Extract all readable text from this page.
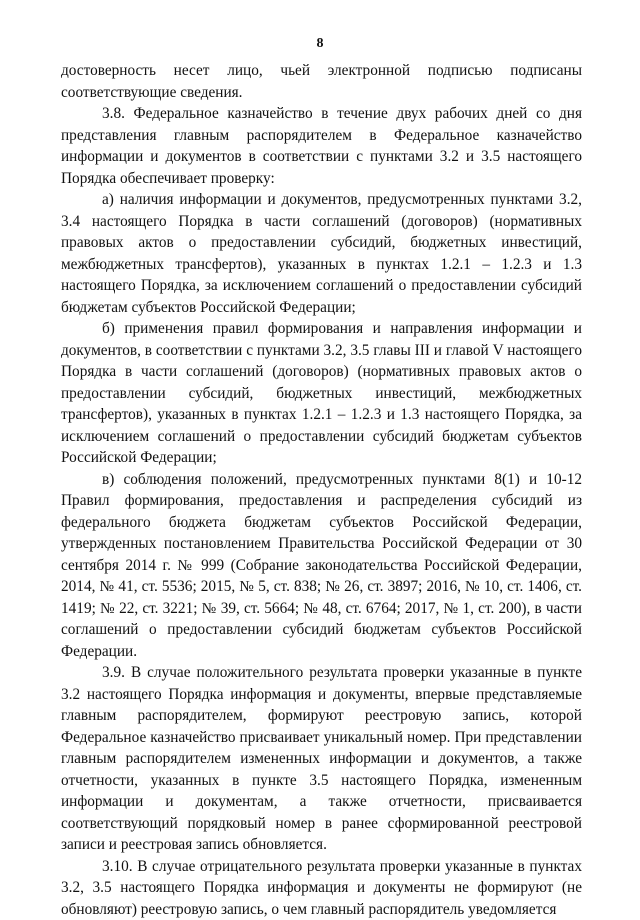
8

достоверность несет лицо, чьей электронной подписью подписаны соответствующие сведения.

3.8. Федеральное казначейство в течение двух рабочих дней со дня представления главным распорядителем в Федеральное казначейство информации и документов в соответствии с пунктами 3.2 и 3.5 настоящего Порядка обеспечивает проверку:

а) наличия информации и документов, предусмотренных пунктами 3.2, 3.4 настоящего Порядка в части соглашений (договоров) (нормативных правовых актов о предоставлении субсидий, бюджетных инвестиций, межбюджетных трансфертов), указанных в пунктах 1.2.1 – 1.2.3 и 1.3 настоящего Порядка, за исключением соглашений о предоставлении субсидий бюджетам субъектов Российской Федерации;

б) применения правил формирования и направления информации и документов, в соответствии с пунктами 3.2, 3.5 главы III и главой V настоящего Порядка в части соглашений (договоров) (нормативных правовых актов о предоставлении субсидий, бюджетных инвестиций, межбюджетных трансфертов), указанных в пунктах 1.2.1 – 1.2.3 и 1.3 настоящего Порядка, за исключением соглашений о предоставлении субсидий бюджетам субъектов Российской Федерации;

в) соблюдения положений, предусмотренных пунктами 8(1) и 10-12 Правил формирования, предоставления и распределения субсидий из федерального бюджета бюджетам субъектов Российской Федерации, утвержденных постановлением Правительства Российской Федерации от 30 сентября 2014 г. № 999 (Собрание законодательства Российской Федерации, 2014, № 41, ст. 5536; 2015, № 5, ст. 838; № 26, ст. 3897; 2016, № 10, ст. 1406, ст. 1419; № 22, ст. 3221; № 39, ст. 5664; № 48, ст. 6764; 2017, № 1, ст. 200), в части соглашений о предоставлении субсидий бюджетам субъектов Российской Федерации.

3.9. В случае положительного результата проверки указанные в пункте 3.2 настоящего Порядка информация и документы, впервые представляемые главным распорядителем, формируют реестровую запись, которой Федеральное казначейство присваивает уникальный номер. При представлении главным распорядителем измененных информации и документов, а также отчетности, указанных в пункте 3.5 настоящего Порядка, измененным информации и документам, а также отчетности, присваивается соответствующий порядковый номер в ранее сформированной реестровой записи и реестровая запись обновляется.

3.10. В случае отрицательного результата проверки указанные в пунктах 3.2, 3.5 настоящего Порядка информация и документы не формируют (не обновляют) реестровую запись, о чем главный распорядитель уведомляется
